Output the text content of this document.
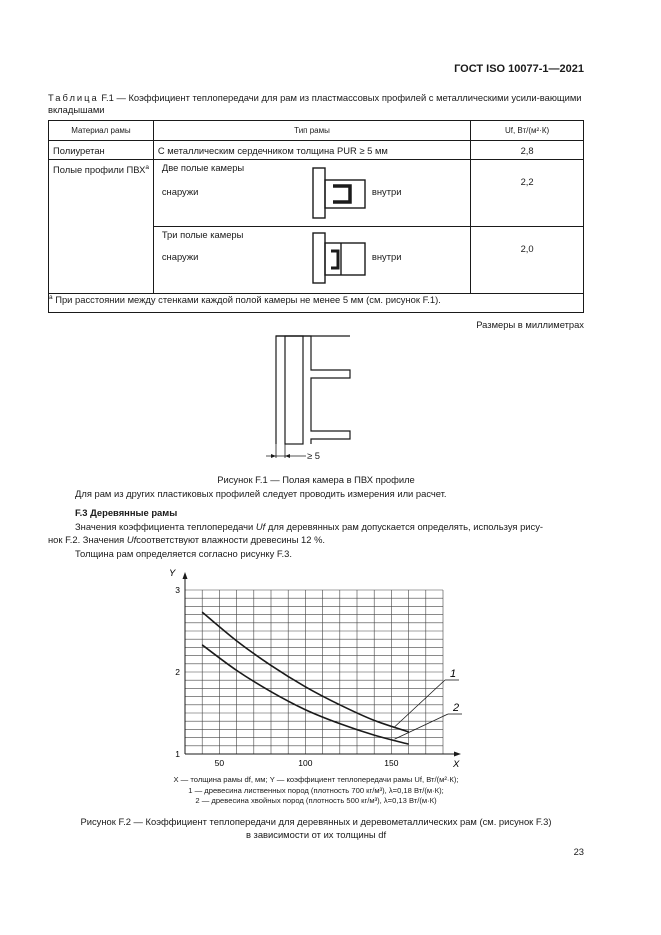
ГОСТ ISO 10077-1—2021
Таблица F.1 — Коэффициент теплопередачи для рам из пластмассовых профилей с металлическими усили-вающими вкладышами
Материал рамы	Тип рамы	Uf, Вт/(м²·К)
Полиуретан	С металлическим сердечником толщина PUR ≥ 5 мм	2,8
Полые профили ПВХ$^a$	Две полые камеры
снаружи внутри	2,2

	Три полые камеры
снаружи внутри	2,0
$^a$ При расстоянии между стенками каждой полой камеры не менее 5 мм (см. рисунок F.1).		
Размеры в миллиметрах
≥ 5
Рисунок F.1 — Полая камера в ПВХ профиле
Для рам из других пластиковых профилей следует проводить измерения или расчет.
F.3 Деревянные рамы
Значения коэффициента теплопередачи Uf для деревянных рам допускается определять, используя рису-
нок F.2. Значения Ufсоответствуют влажности древесины 12 %.
Толщина рам определяется согласно рисунку F.3.
X
Y
50	100	150
1
2
3
1
2
X — толщина рамы df, мм; Y — коэффициент теплопередачи рамы Uf, Вт/(м²·К);
1 — древесина лиственных пород (плотность 700 кг/м³), λ=0,18 Вт/(м·К);
2 — древесина хвойных пород (плотность 500 кг/м³), λ=0,13 Вт/(м·К)
Рисунок F.2 — Коэффициент теплопередачи для деревянных и деревометаллических рам (см. рисунок F.3)
в зависимости от их толщины df
23
